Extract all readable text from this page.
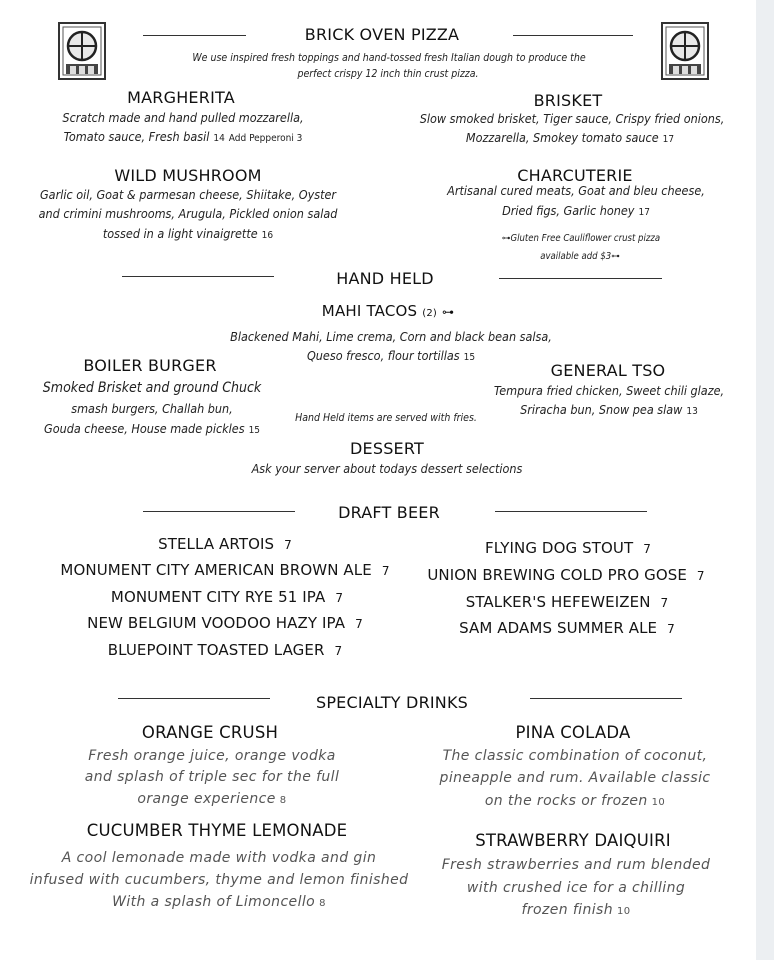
BRICK OVEN PIZZA
We use inspired fresh toppings and hand-tossed fresh Italian dough to produce the
perfect crispy 12 inch thin crust pizza.
MARGHERITA
Scratch made and hand pulled mozzarella,
Tomato sauce, Fresh basil 14 Add Pepperoni 3
BRISKET
Slow smoked brisket, Tiger sauce, Crispy fried onions,
Mozzarella, Smokey tomato sauce 17
WILD MUSHROOM
Garlic oil, Goat & parmesan cheese, Shiitake, Oyster
and crimini mushrooms, Arugula, Pickled onion salad
tossed in a light vinaigrette 16
CHARCUTERIE
Artisanal cured meats, Goat and bleu cheese,
Dried figs, Garlic honey 17
⊶Gluten Free Cauliflower crust pizza
available add $3⊶
HAND HELD
MAHI TACOS (2) ⊶
Blackened Mahi, Lime crema, Corn and black bean salsa,
Queso fresco, flour tortillas 15
BOILER BURGER
Smoked Brisket and ground Chuck
smash burgers, Challah bun,
Gouda cheese, House made pickles 15
GENERAL TSO
Tempura fried chicken, Sweet chili glaze,
Sriracha bun, Snow pea slaw 13
Hand Held items are served with fries.
DESSERT
Ask your server about todays dessert selections
DRAFT BEER
STELLA ARTOIS 7
MONUMENT CITY AMERICAN BROWN ALE 7
MONUMENT CITY RYE 51 IPA 7
NEW BELGIUM VOODOO HAZY IPA 7
BLUEPOINT TOASTED LAGER 7
FLYING DOG STOUT 7
UNION BREWING COLD PRO GOSE 7
STALKER'S HEFEWEIZEN 7
SAM ADAMS SUMMER ALE 7
SPECIALTY DRINKS
ORANGE CRUSH
Fresh orange juice, orange vodka
and splash of triple sec for the full
orange experience 8
PINA COLADA
The classic combination of coconut,
pineapple and rum. Available classic
on the rocks or frozen 10
CUCUMBER THYME LEMONADE
A cool lemonade made with vodka and gin
infused with cucumbers, thyme and lemon finished
With a splash of Limoncello 8
STRAWBERRY DAIQUIRI
Fresh strawberries and rum blended
with crushed ice for a chilling
frozen finish 10
